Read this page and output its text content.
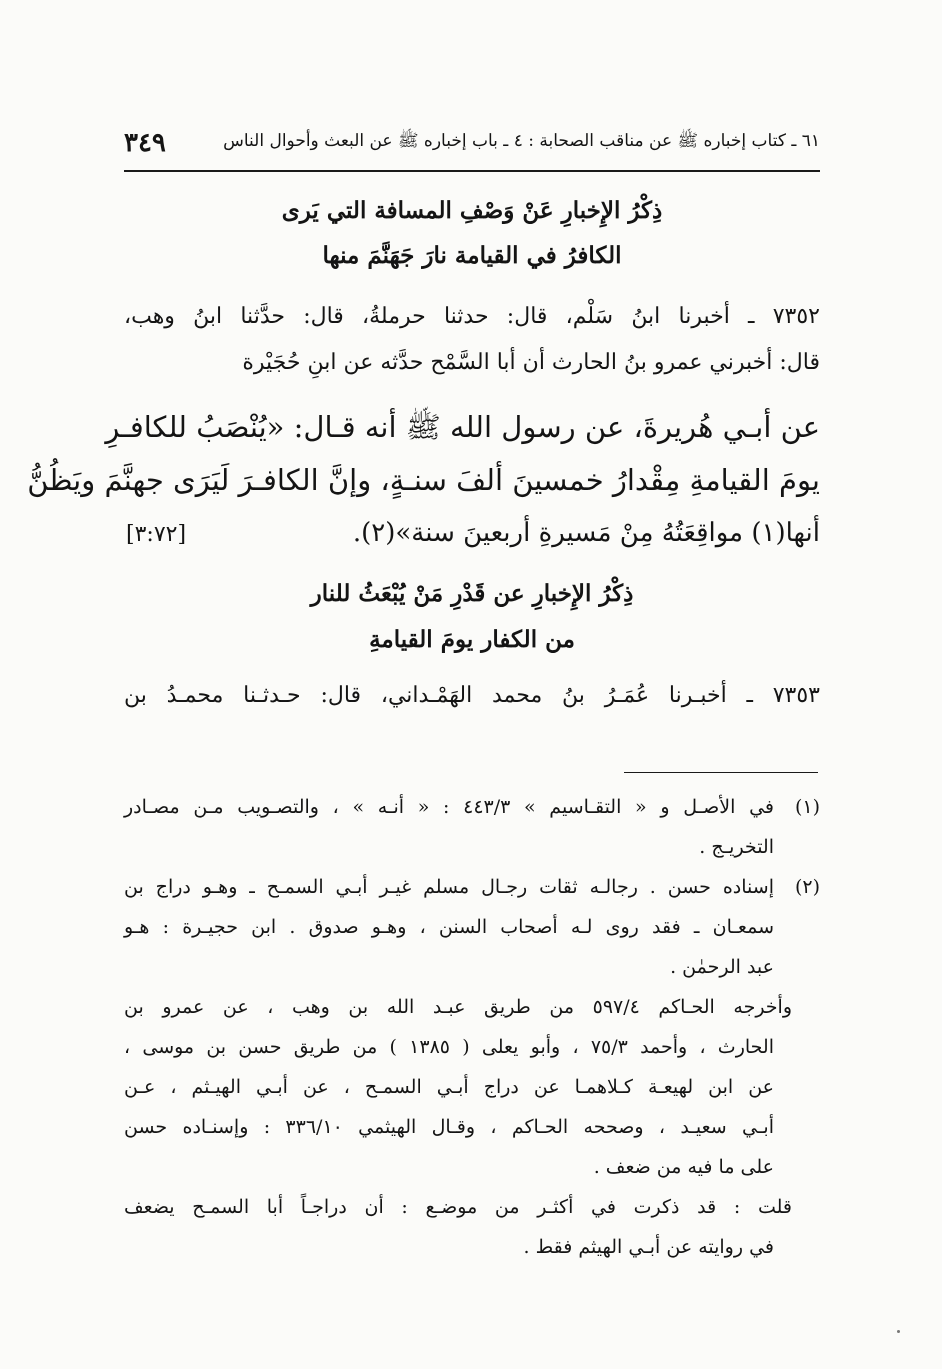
٦١ ـ كتاب إخباره ﷺ عن مناقب الصحابة : ٤ ـ باب إخباره ﷺ عن البعث وأحوال الناس
٣٤٩
ذِكْرُ الإِخبارِ عَنْ وَصْفِ المسافة التي يَرى
الكافرُ في القيامة نارَ جَهَنَّمَ منها
٧٣٥٢ ـ أخبرنا ابنُ سَلْم، قال: حدثنا حرملةُ، قال: حدَّثنا ابنُ وهب،
قال: أخبرني عمرو بنُ الحارث أن أبا السَّمْح حدَّثه عن ابنِ حُجَيْرة
عن أبـي هُريرةَ، عن رسول الله ﷺ أنه قـال: «يُنْصَبُ للكافـرِ
يومَ القيامةِ مِقْدارُ خمسينَ ألفَ سنـةٍ، وإنَّ الكافـرَ لَيَرَى جهنَّمَ ويَظُنُّ
أنها(١) مواقِعَتُهُ مِنْ مَسيرةِ أربعينَ سنة»(٢).
[٣:٧٢]
ذِكْرُ الإِخبارِ عن قَدْرِ مَنْ يُبْعَثُ للنار
من الكفار يومَ القيامةِ
٧٣٥٣ ـ أخبـرنا عُمَـرُ بنُ محمد الهَمْـداني، قال: حـدثـنا محمـدُ بن
(١)
في الأصـل و « التقـاسيم » ٤٤٣/٣ : « أنـه » ، والتصـويب مـن مصـادر
التخريـج .
(٢)
إسناده حسن . رجالـه ثقات رجـال مسلم غيـر أبـي السمـح ـ وهـو دراج بن
سمعـان ـ فقد روى لـه أصحاب السنن ، وهـو صدوق . ابن حجيـرة : هـو
عبد الرحمٰن .
وأخرجه الحـاكم ٥٩٧/٤ من طريق عبـد الله بن وهب ، عن عمرو بن
الحارث ، وأحمد ٧٥/٣ ، وأبو يعلى ( ١٣٨٥ ) من طريق حسن بن موسى ،
عن ابن لهيعـة كـلاهمـا عن دراج أبـي السمـح ، عن أبـي الهيـثم ، عـن
أبـي سعيـد ، وصححه الحـاكم ، وقـال الهيثمي ٣٣٦/١٠ : وإسنـاده حسن
على ما فيه من ضعف .
قلت : قد ذكرت في أكثـر من موضـع : أن دراجـاً أبا السمـح يضعف
في روايته عن أبـي الهيثم فقط .
